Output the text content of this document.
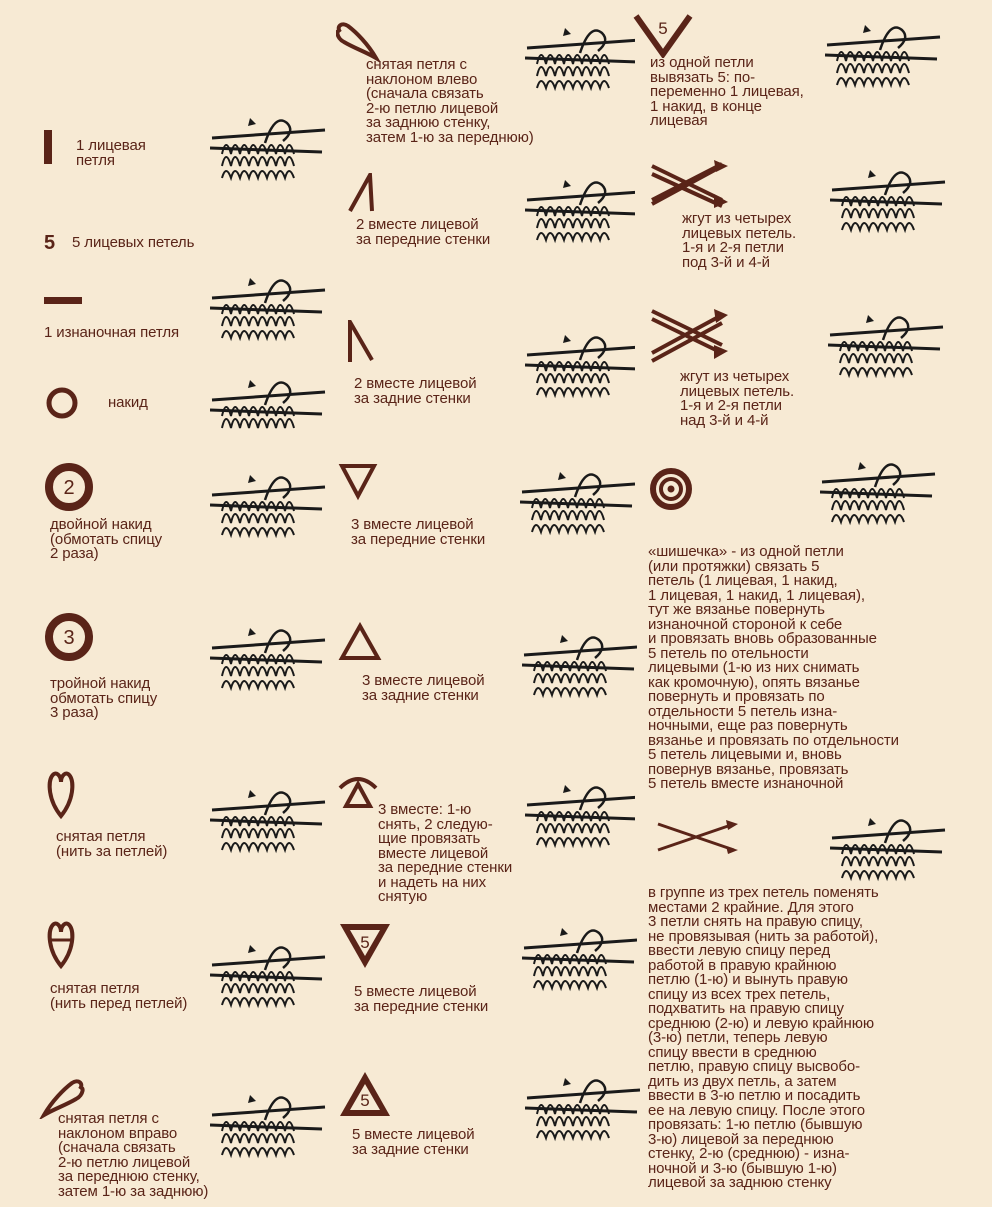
1 лицевая
петля
5 5 лицевых петель
1 изнаночная петля
накид
2
двойной накид
(обмотать спицу
2 раза)
3
тройной накид
обмотать спицу
3 раза)
снятая петля
(нить за петлей)
снятая петля
(нить перед петлей)
снятая петля с
наклоном вправо
(сначала связать
2-ю петлю лицевой
за переднюю стенку,
затем 1-ю за заднюю)
снятая петля с
наклоном влево
(сначала связать
2-ю петлю лицевой
за заднюю стенку,
затем 1-ю за переднюю)
2 вместе лицевой
за передние стенки
2 вместе лицевой
за задние стенки
3 вместе лицевой
за передние стенки
3 вместе лицевой
за задние стенки
3 вместе: 1-ю
снять, 2 следую-
щие провязать
вместе лицевой
за передние стенки
и надеть на них
снятую
5
5 вместе лицевой
за передние стенки
5
5 вместе лицевой
за задние стенки
5
из одной петли
вывязать 5: по-
переменно 1 лицевая,
1 накид, в конце
лицевая
жгут из четырех
лицевых петель.
1-я и 2-я петли
под 3-й и 4-й
жгут из четырех
лицевых петель.
1-я и 2-я петли
над 3-й и 4-й
«шишечка» - из одной петли
(или протяжки) связать 5
петель (1 лицевая, 1 накид,
1 лицевая, 1 накид, 1 лицевая),
тут же вязанье повернуть
изнаночной стороной к себе
и провязать вновь образованные
5 петель по отельности
лицевыми (1-ю из них снимать
как кромочную), опять вязанье
повернуть и провязать по
отдельности 5 петель изна-
ночными, еще раз повернуть
вязанье и провязать по отдельности
5 петель лицевыми и, вновь
повернув вязанье, провязать
5 петель вместе изнаночной
в группе из трех петель поменять
местами 2 крайние. Для этого
3 петли снять на правую спицу,
не провязывая (нить за работой),
ввести левую спицу перед
работой в правую крайнюю
петлю (1-ю) и вынуть правую
спицу из всех трех петель,
подхватить на правую спицу
среднюю (2-ю) и левую крайнюю
(3-ю) петли, теперь левую
спицу ввести в среднюю
петлю, правую спицу высвобо-
дить из двух петль, а затем
ввести в 3-ю петлю и посадить
ее на левую спицу. После этого
провязать: 1-ю петлю (бывшую
3-ю) лицевой за переднюю
стенку, 2-ю (среднюю) - изна-
ночной и 3-ю (бывшую 1-ю)
лицевой за заднюю стенку
